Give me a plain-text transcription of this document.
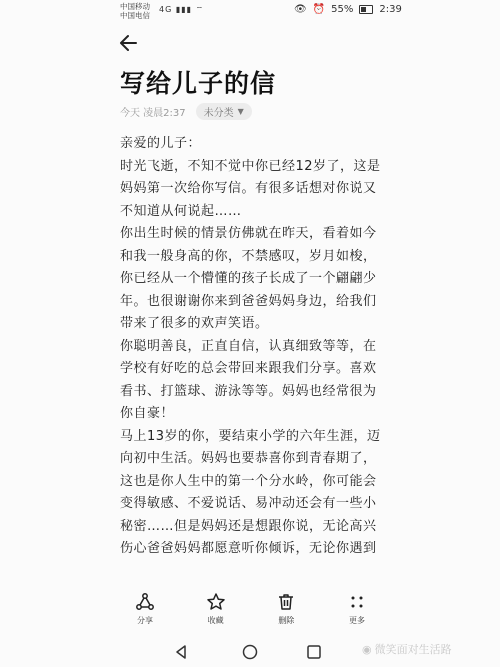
中国移动
中国电信
4G ▮▮▮ ⌔	👁 ⏰ 55%	2:39
写给儿子的信
今天 凌晨2:37 未分类 ▼

亲爱的儿子：

时光飞逝，不知不觉中你已经12岁了，这是妈妈第一次给你写信。有很多话想对你说又不知道从何说起……

你出生时候的情景仿佛就在昨天，看着如今和我一般身高的你，不禁感叹，岁月如梭，你已经从一个懵懂的孩子长成了一个翩翩少年。也很谢谢你来到爸爸妈妈身边，给我们带来了很多的欢声笑语。

你聪明善良，正直自信，认真细致等等，在学校有好吃的总会带回来跟我们分享。喜欢看书、打篮球、游泳等等。妈妈也经常很为你自豪！

马上13岁的你，要结束小学的六年生涯，迈向初中生活。妈妈也要恭喜你到青春期了，这也是你人生中的第一个分水岭，你可能会变得敏感、不爱说话、易冲动还会有一些小秘密……但是妈妈还是想跟你说，无论高兴伤心爸爸妈妈都愿意听你倾诉，无论你遇到

分享	收藏	删除	更多
◉ 微笑面对生活路
